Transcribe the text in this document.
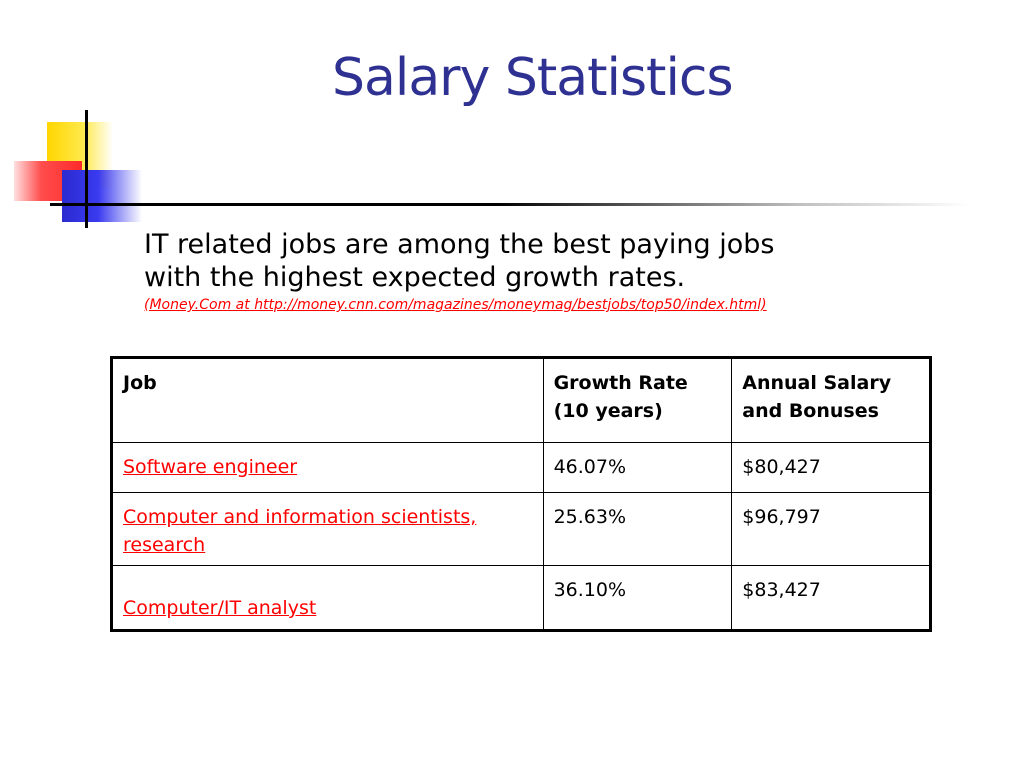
Salary Statistics
IT related jobs are among the best paying jobs
with the highest expected growth rates.
(Money.Com at http://money.cnn.com/magazines/moneymag/bestjobs/top50/index.html)
Job	Growth Rate (10 years)	Annual Salary and Bonuses
Software engineer	46.07%	$80,427
Computer and information scientists, research	25.63%	$96,797

Computer/IT analyst	36.10%	$83,427
